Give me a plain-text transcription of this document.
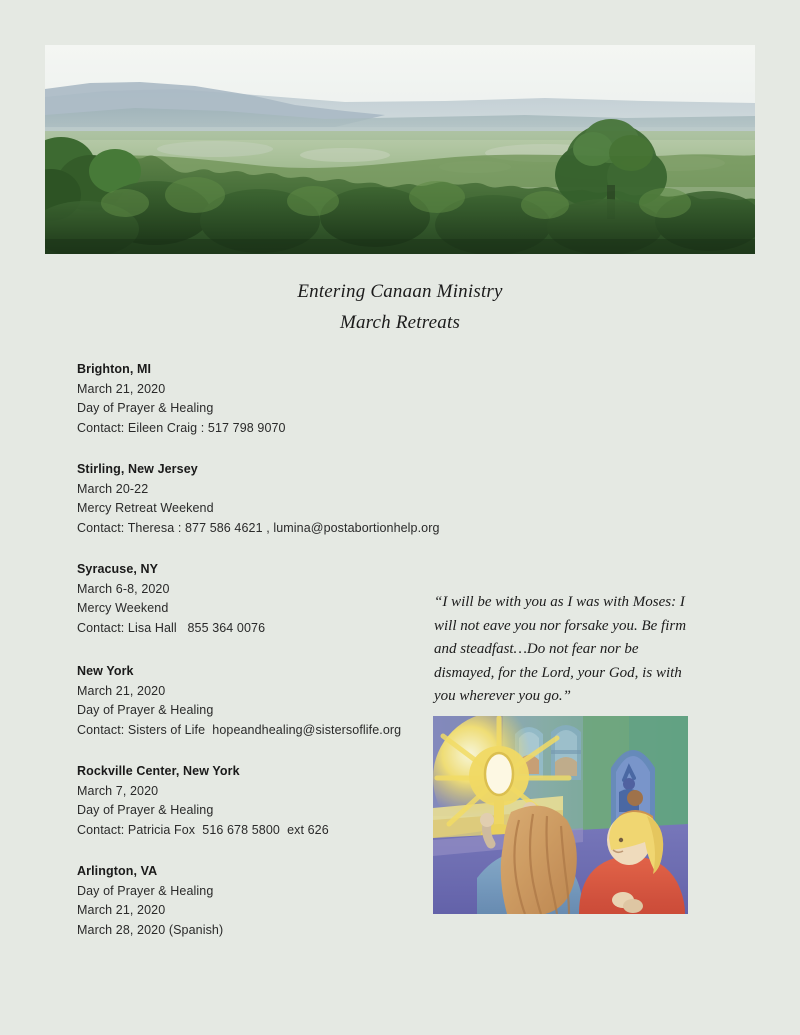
Entering Canaan Ministry
March Retreats
Brighton, MI
March 21, 2020
Day of Prayer & Healing
Contact: Eileen Craig : 517 798 9070
Stirling, New Jersey
March 20-22
Mercy Retreat Weekend
Contact: Theresa : 877 586 4621 , lumina@postabortionhelp.org
Syracuse, NY
March 6-8, 2020
Mercy Weekend
Contact: Lisa Hall   855 364 0076
New York
March 21, 2020
Day of Prayer & Healing
Contact: Sisters of Life  hopeandhealing@sistersoflife.org
Rockville Center, New York
March 7, 2020
Day of Prayer & Healing
Contact: Patricia Fox  516 678 5800  ext 626
Arlington, VA
Day of Prayer & Healing
March 21, 2020
March 28, 2020 (Spanish)
“I will be with you as I was with Moses: I will not eave you nor forsake you. Be firm and steadfast…Do not fear nor be dismayed, for the Lord, your God, is with you wherever you go.”
